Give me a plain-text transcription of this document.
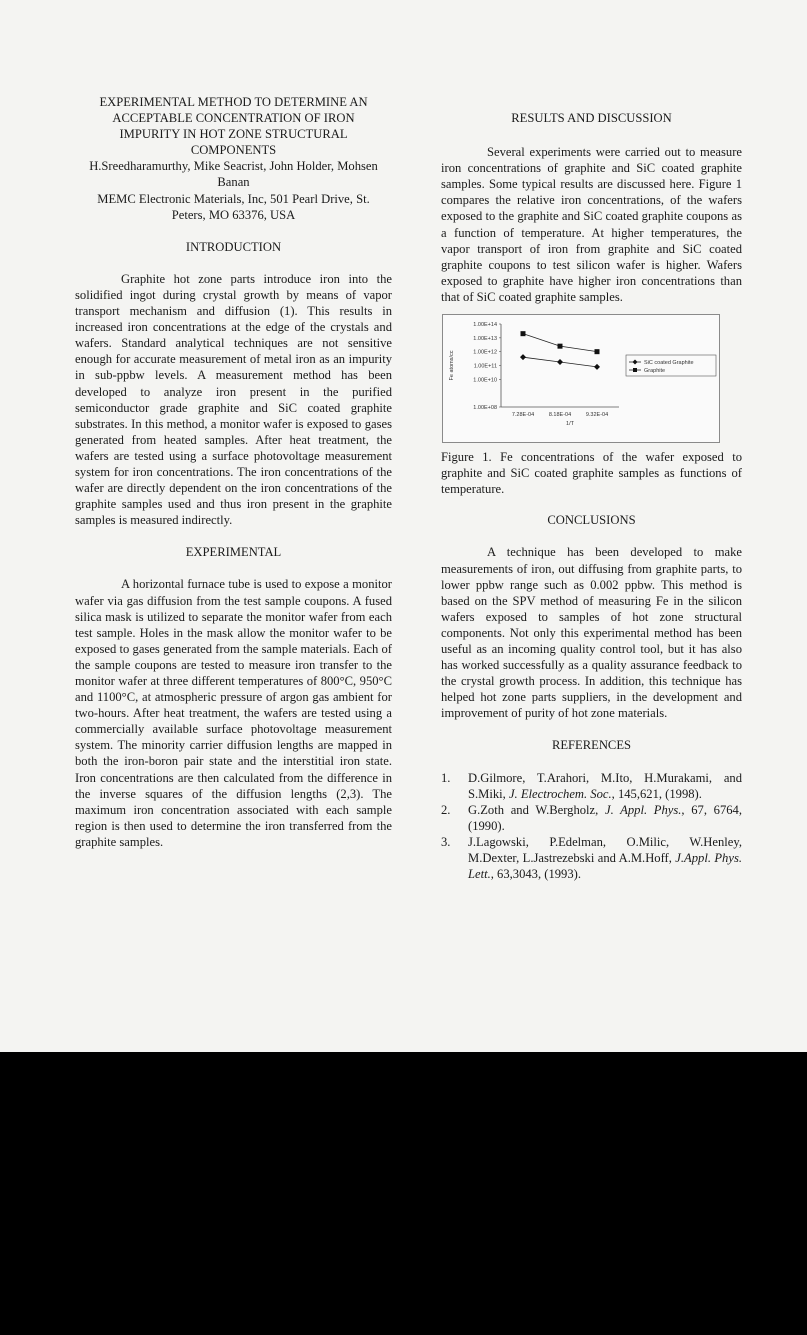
EXPERIMENTAL METHOD TO DETERMINE AN ACCEPTABLE CONCENTRATION OF IRON IMPURITY IN HOT ZONE STRUCTURAL COMPONENTS
H.Sreedharamurthy, Mike Seacrist, John Holder, Mohsen Banan
MEMC Electronic Materials, Inc, 501 Pearl Drive, St. Peters, MO 63376, USA
INTRODUCTION

Graphite hot zone parts introduce iron into the solidified ingot during crystal growth by means of vapor transport mechanism and diffusion (1). This results in increased iron concentrations at the edge of the crystals and wafers. Standard analytical techniques are not sensitive enough for accurate measurement of metal iron as an impurity in sub-ppbw levels. A measurement method has been developed to analyze iron present in the purified semiconductor grade graphite and SiC coated graphite substrates. In this method, a monitor wafer is exposed to gases generated from heated samples. After heat treatment, the wafers are tested using a surface photovoltage measurement system for iron concentrations. The iron concentrations of the wafer are directly dependent on the iron concentrations of the graphite samples used and thus iron present in the graphite samples is measured indirectly.

EXPERIMENTAL

A horizontal furnace tube is used to expose a monitor wafer via gas diffusion from the test sample coupons. A fused silica mask is utilized to separate the monitor wafer from each test sample. Holes in the mask allow the monitor wafer to be exposed to gases generated from the sample materials. Each of the sample coupons are tested to measure iron transfer to the monitor wafer at three different temperatures of 800°C, 950°C and 1100°C, at atmospheric pressure of argon gas ambient for two-hours. After heat treatment, the wafers are tested using a commercially available surface photovoltage measurement system. The minority carrier diffusion lengths are mapped in both the iron-boron pair state and the interstitial iron state. Iron concentrations are then calculated from the difference in the inverse squares of the diffusion lengths (2,3). The maximum iron concentration associated with each sample region is then used to determine the iron transferred from the graphite samples.

RESULTS AND DISCUSSION

Several experiments were carried out to measure iron concentrations of graphite and SiC coated graphite samples. Some typical results are discussed here. Figure 1 compares the relative iron concentrations, of the wafers exposed to the graphite and SiC coated graphite coupons as a function of temperature. At higher temperatures, the vapor transport of iron from graphite and SiC coated graphite coupons to test silicon wafer is higher. Wafers exposed to graphite have higher iron concentrations than that of SiC coated graphite samples.

1.00E+14
1.00E+13
1.00E+12
1.00E+11
1.00E+10
1.00E+08
7.28E-04	8.18E-04	9.32E-04
1/T
Fe atoms/cc	SiC coated Graphite
Graphite

Figure 1. Fe concentrations of the wafer exposed to graphite and SiC coated graphite samples as functions of temperature.

CONCLUSIONS

A technique has been developed to make measurements of iron, out diffusing from graphite parts, to lower ppbw range such as 0.002 ppbw. This method is based on the SPV method of measuring Fe in the silicon wafers exposed to samples of hot zone structural components. Not only this experimental method has been useful as an incoming quality control tool, but it has also has worked successfully as a quality assurance feedback to the crystal growth process. In addition, this technique has helped hot zone parts suppliers, in the development and improvement of purity of hot zone materials.

REFERENCES
1. D.Gilmore, T.Arahori, M.Ito, H.Murakami, and S.Miki, J. Electrochem. Soc., 145,621, (1998).
2. G.Zoth and W.Bergholz, J. Appl. Phys., 67, 6764, (1990).
3. J.Lagowski, P.Edelman, O.Milic, W.Henley, M.Dexter, L.Jastrezebski and A.M.Hoff, J.Appl. Phys. Lett., 63,3043, (1993).
